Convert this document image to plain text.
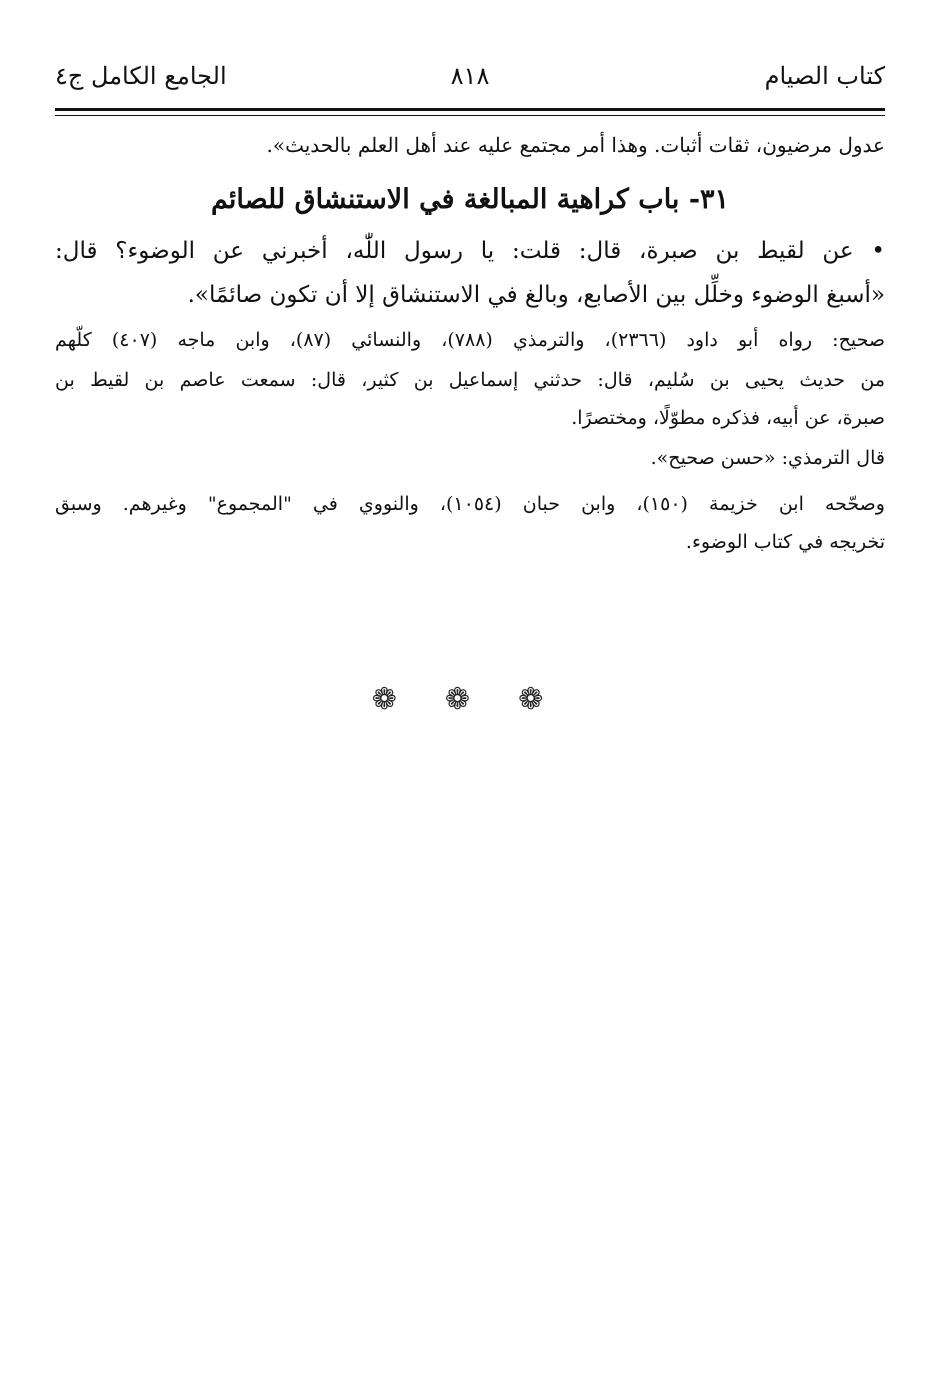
كتاب الصيام
٨١٨
الجامع الكامل ج٤
عدول مرضيون، ثقات أثبات. وهذا أمر مجتمع عليه عند أهل العلم بالحديث».
٣١- باب كراهية المبالغة في الاستنشاق للصائم
• عن لقيط بن صبرة، قال: قلت: يا رسول اللّٰه، أخبرني عن الوضوء؟ قال:
«أسبغ الوضوء وخلِّل بين الأصابع، وبالغ في الاستنشاق إلا أن تكون صائمًا».
صحيح: رواه أبو داود (٢٣٦٦)، والترمذي (٧٨٨)، والنسائي (٨٧)، وابن ماجه (٤٠٧) كلّهم
من حديث يحيى بن سُليم، قال: حدثني إسماعيل بن كثير، قال: سمعت عاصم بن لقيط بن
صبرة، عن أبيه، فذكره مطوّلًا، ومختصرًا.
قال الترمذي: «حسن صحيح».
وصحّحه ابن خزيمة (١٥٠)، وابن حبان (١٠٥٤)، والنووي في "المجموع" وغيرهم. وسبق
تخريجه في كتاب الوضوء.
❁ ❁ ❁
